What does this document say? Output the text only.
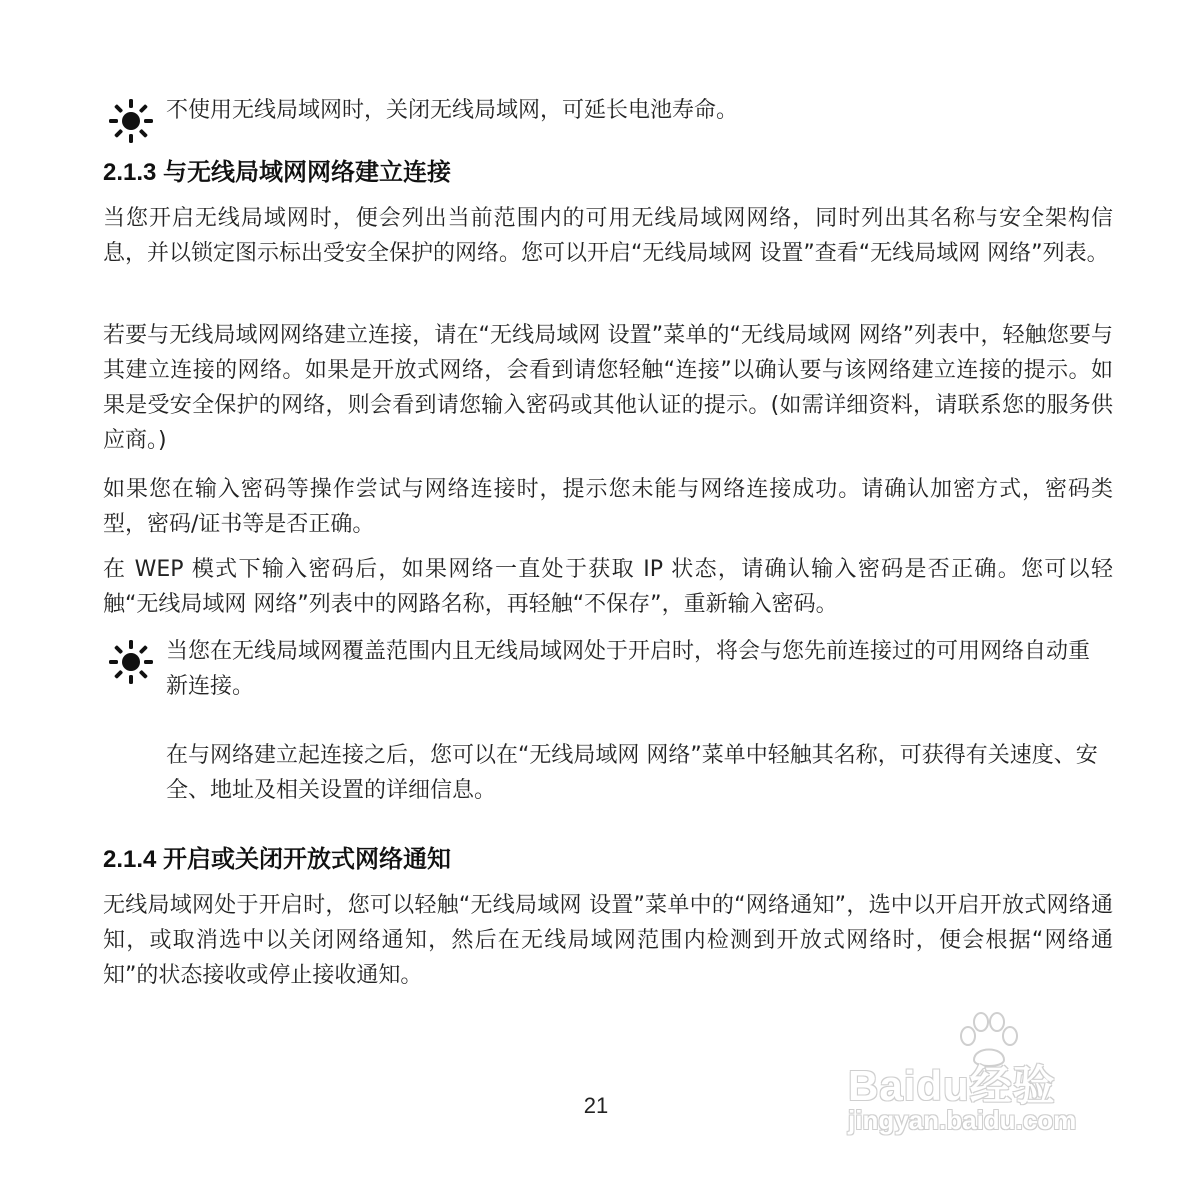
不使用无线局域网时，关闭无线局域网，可延长电池寿命。

2.1.3 与无线局域网网络建立连接

当您开启无线局域网时，便会列出当前范围内的可用无线局域网网络，同时列出其名称与安全架构信息，并以锁定图示标出受安全保护的网络。您可以开启“无线局域网 设置”查看“无线局域网 网络”列表。

若要与无线局域网网络建立连接，请在“无线局域网 设置”菜单的“无线局域网 网络”列表中，轻触您要与其建立连接的网络。如果是开放式网络，会看到请您轻触“连接”以确认要与该网络建立连接的提示。如果是受安全保护的网络，则会看到请您输入密码或其他认证的提示。(如需详细资料，请联系您的服务供应商。)

如果您在输入密码等操作尝试与网络连接时，提示您未能与网络连接成功。请确认加密方式，密码类型，密码/证书等是否正确。

在 WEP 模式下输入密码后，如果网络一直处于获取 IP 状态，请确认输入密码是否正确。您可以轻触“无线局域网 网络”列表中的网路名称，再轻触“不保存”，重新输入密码。

当您在无线局域网覆盖范围内且无线局域网处于开启时，将会与您先前连接过的可用网络自动重新连接。

在与网络建立起连接之后，您可以在“无线局域网 网络”菜单中轻触其名称，可获得有关速度、安全、地址及相关设置的详细信息。

2.1.4 开启或关闭开放式网络通知

无线局域网处于开启时，您可以轻触“无线局域网 设置”菜单中的“网络通知”，选中以开启开放式网络通知，或取消选中以关闭网络通知，然后在无线局域网范围内检测到开放式网络时，便会根据“网络通知”的状态接收或停止接收通知。

Baidu经验
jingyan.baidu.com
21
